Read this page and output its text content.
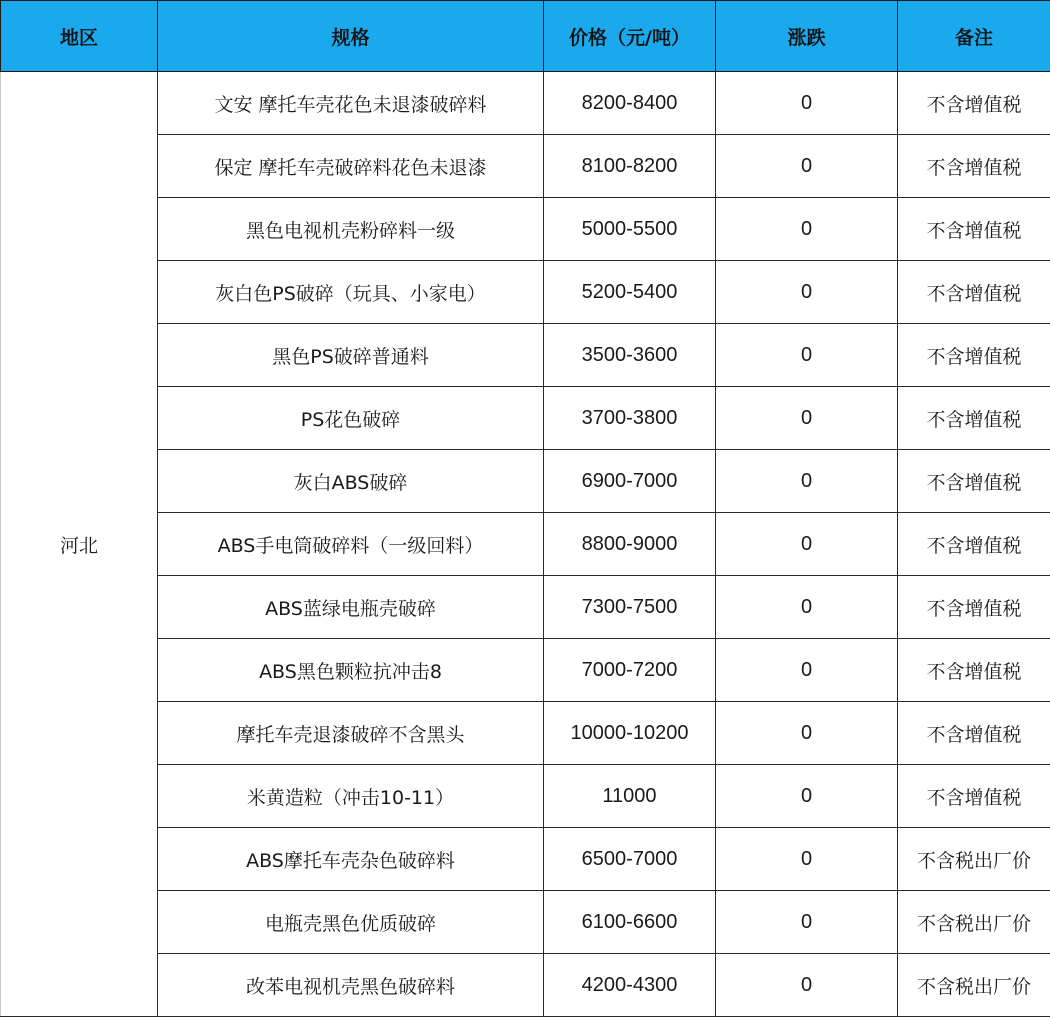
地区	规格	价格（元/吨）	涨跌	备注
河北	文安 摩托车壳花色未退漆破碎料	8200-8400	0	不含增值税
	保定 摩托车壳破碎料花色未退漆	8100-8200	0	不含增值税
	黑色电视机壳粉碎料一级	5000-5500	0	不含增值税
	灰白色PS破碎（玩具、小家电）	5200-5400	0	不含增值税
	黑色PS破碎普通料	3500-3600	0	不含增值税
	PS花色破碎	3700-3800	0	不含增值税
	灰白ABS破碎	6900-7000	0	不含增值税
	ABS手电筒破碎料（一级回料）	8800-9000	0	不含增值税
	ABS蓝绿电瓶壳破碎	7300-7500	0	不含增值税
	ABS黑色颗粒抗冲击8	7000-7200	0	不含增值税
	摩托车壳退漆破碎不含黑头	10000-10200	0	不含增值税
	米黄造粒（冲击10-11）	11000	0	不含增值税
	ABS摩托车壳杂色破碎料	6500-7000	0	不含税出厂价
	电瓶壳黑色优质破碎	6100-6600	0	不含税出厂价
	改苯电视机壳黑色破碎料	4200-4300	0	不含税出厂价
